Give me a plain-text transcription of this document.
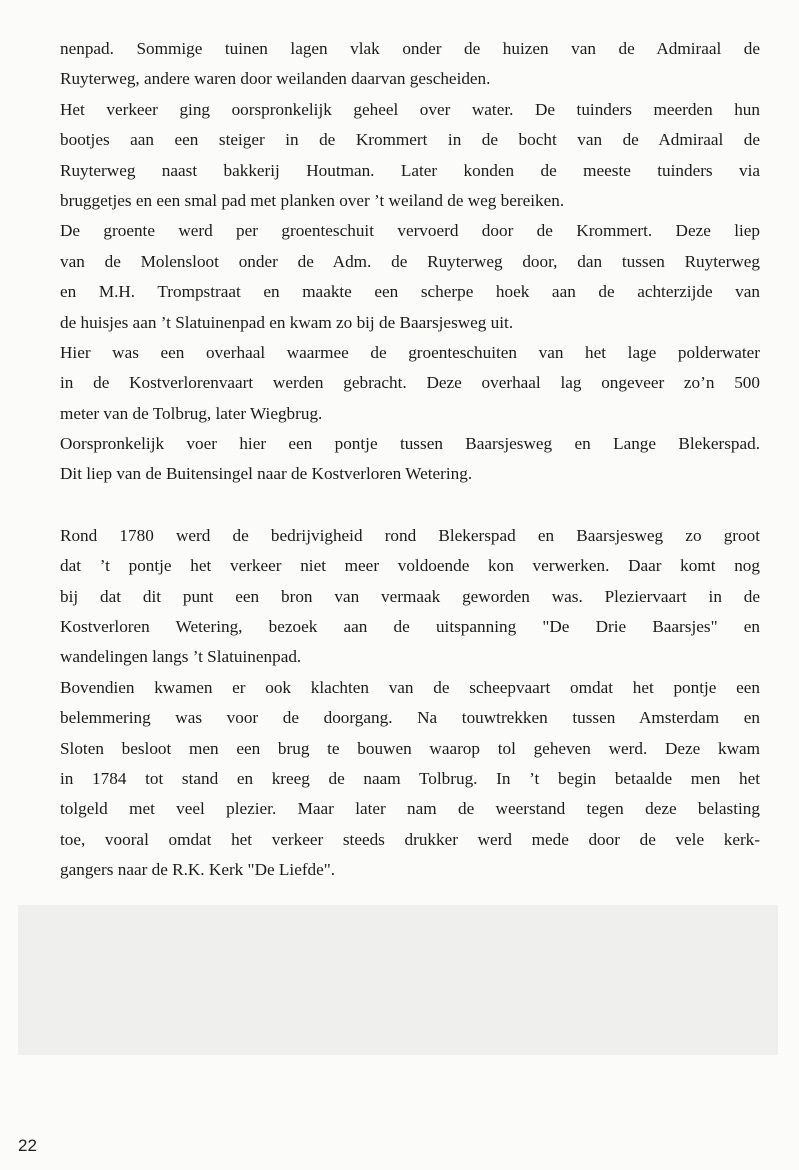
nenpad. Sommige tuinen lagen vlak onder de huizen van de Admiraal de
Ruyterweg, andere waren door weilanden daarvan gescheiden.
Het verkeer ging oorspronkelijk geheel over water. De tuinders meerden hun
bootjes aan een steiger in de Krommert in de bocht van de Admiraal de
Ruyterweg naast bakkerij Houtman. Later konden de meeste tuinders via
bruggetjes en een smal pad met planken over ’t weiland de weg bereiken.
De groente werd per groenteschuit vervoerd door de Krommert. Deze liep
van de Molensloot onder de Adm. de Ruyterweg door, dan tussen Ruyterweg
en M.H. Trompstraat en maakte een scherpe hoek aan de achterzijde van
de huisjes aan ’t Slatuinenpad en kwam zo bij de Baarsjesweg uit.
Hier was een overhaal waarmee de groenteschuiten van het lage polderwater
in de Kostverlorenvaart werden gebracht. Deze overhaal lag ongeveer zo’n 500
meter van de Tolbrug, later Wiegbrug.
Oorspronkelijk voer hier een pontje tussen Baarsjesweg en Lange Blekerspad.
Dit liep van de Buitensingel naar de Kostverloren Wetering.
Rond 1780 werd de bedrijvigheid rond Blekerspad en Baarsjesweg zo groot
dat ’t pontje het verkeer niet meer voldoende kon verwerken. Daar komt nog
bij dat dit punt een bron van vermaak geworden was. Pleziervaart in de
Kostverloren Wetering, bezoek aan de uitspanning "De Drie Baarsjes" en
wandelingen langs ’t Slatuinenpad.
Bovendien kwamen er ook klachten van de scheepvaart omdat het pontje een
belemmering was voor de doorgang. Na touwtrekken tussen Amsterdam en
Sloten besloot men een brug te bouwen waarop tol geheven werd. Deze kwam
in 1784 tot stand en kreeg de naam Tolbrug. In ’t begin betaalde men het
tolgeld met veel plezier. Maar later nam de weerstand tegen deze belasting
toe, vooral omdat het verkeer steeds drukker werd mede door de vele kerk-
gangers naar de R.K. Kerk "De Liefde".
22
